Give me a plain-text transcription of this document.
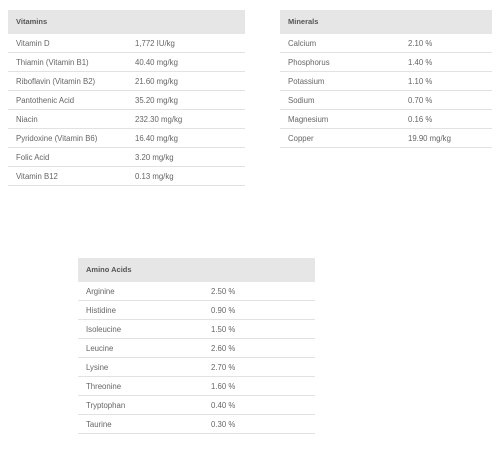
Vitamins
Vitamin D	1,772 IU/kg
Thiamin (Vitamin B1)	40.40 mg/kg
Riboflavin (Vitamin B2)	21.60 mg/kg
Pantothenic Acid	35.20 mg/kg
Niacin	232.30 mg/kg
Pyridoxine (Vitamin B6)	16.40 mg/kg
Folic Acid	3.20 mg/kg
Vitamin B12	0.13 mg/kg
Minerals
Calcium	2.10 %
Phosphorus	1.40 %
Potassium	1.10 %
Sodium	0.70 %
Magnesium	0.16 %
Copper	19.90 mg/kg
Amino Acids
Arginine	2.50 %
Histidine	0.90 %
Isoleucine	1.50 %
Leucine	2.60 %
Lysine	2.70 %
Threonine	1.60 %
Tryptophan	0.40 %
Taurine	0.30 %
